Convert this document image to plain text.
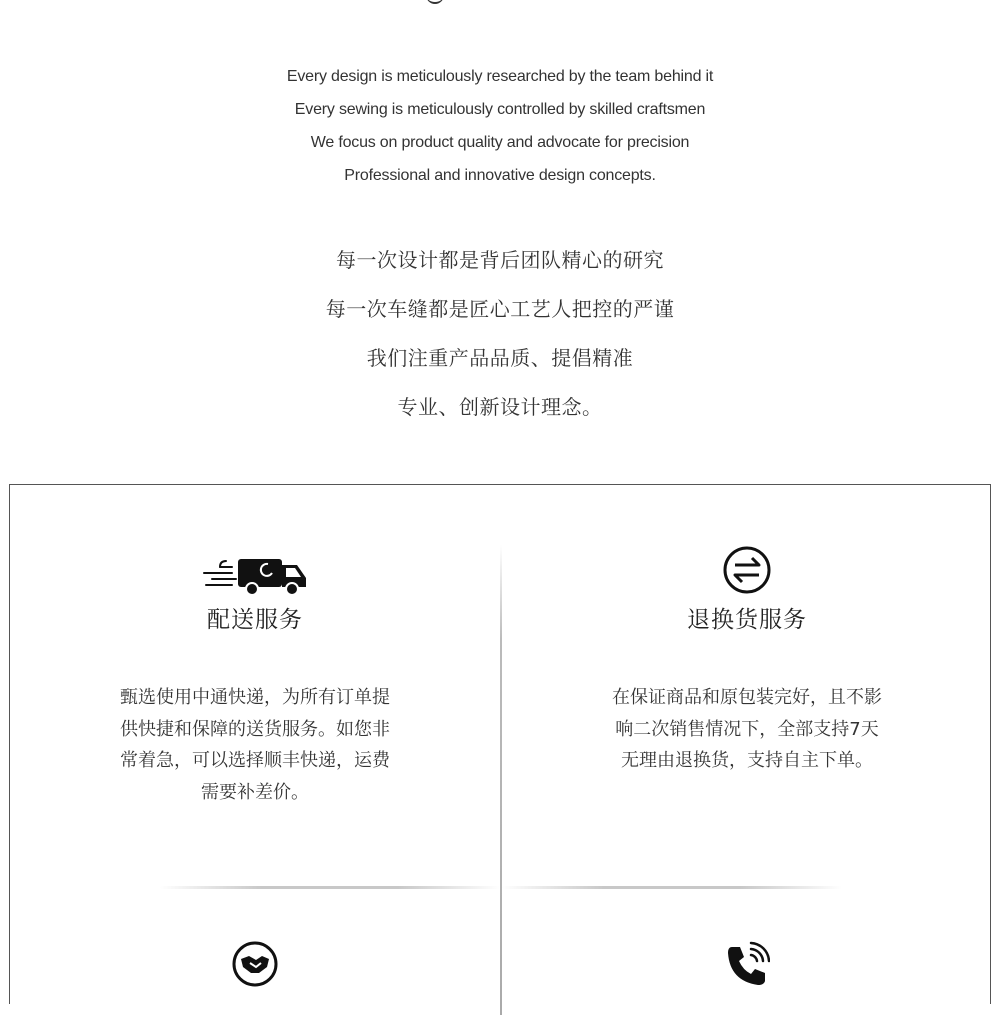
Every design is meticulously researched by the team behind it
Every sewing is meticulously controlled by skilled craftsmen
We focus on product quality and advocate for precision
Professional and innovative design concepts.
每一次设计都是背后团队精心的研究
每一次车缝都是匠心工艺人把控的严谨
我们注重产品品质、提倡精准
专业、创新设计理念。
配送服务
甄选使用中通快递，为所有订单提供快捷和保障的送货服务。如您非常着急，可以选择顺丰快递，运费需要补差价。
退换货服务
在保证商品和原包装完好，且不影响二次销售情况下，全部支持7天无理由退换货，支持自主下单。
